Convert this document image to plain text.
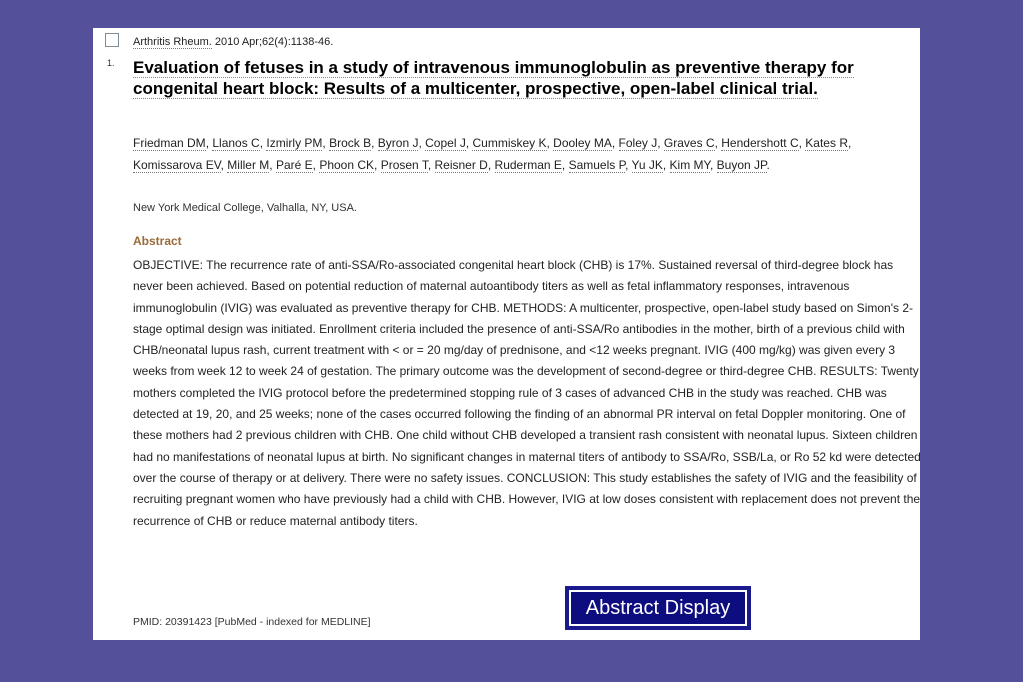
1.
Arthritis Rheum. 2010 Apr;62(4):1138-46.
Evaluation of fetuses in a study of intravenous immunoglobulin as preventive therapy for congenital heart block: Results of a multicenter, prospective, open-label clinical trial.
Friedman DM, Llanos C, Izmirly PM, Brock B, Byron J, Copel J, Cummiskey K, Dooley MA, Foley J, Graves C, Hendershott C, Kates R, Komissarova EV, Miller M, Paré E, Phoon CK, Prosen T, Reisner D, Ruderman E, Samuels P, Yu JK, Kim MY, Buyon JP.
New York Medical College, Valhalla, NY, USA.
Abstract
OBJECTIVE: The recurrence rate of anti-SSA/Ro-associated congenital heart block (CHB) is 17%. Sustained reversal of third-degree block has never been achieved. Based on potential reduction of maternal autoantibody titers as well as fetal inflammatory responses, intravenous immunoglobulin (IVIG) was evaluated as preventive therapy for CHB. METHODS: A multicenter, prospective, open-label study based on Simon's 2-stage optimal design was initiated. Enrollment criteria included the presence of anti-SSA/Ro antibodies in the mother, birth of a previous child with CHB/neonatal lupus rash, current treatment with < or = 20 mg/day of prednisone, and <12 weeks pregnant. IVIG (400 mg/kg) was given every 3 weeks from week 12 to week 24 of gestation. The primary outcome was the development of second-degree or third-degree CHB. RESULTS: Twenty mothers completed the IVIG protocol before the predetermined stopping rule of 3 cases of advanced CHB in the study was reached. CHB was detected at 19, 20, and 25 weeks; none of the cases occurred following the finding of an abnormal PR interval on fetal Doppler monitoring. One of these mothers had 2 previous children with CHB. One child without CHB developed a transient rash consistent with neonatal lupus. Sixteen children had no manifestations of neonatal lupus at birth. No significant changes in maternal titers of antibody to SSA/Ro, SSB/La, or Ro 52 kd were detected over the course of therapy or at delivery. There were no safety issues. CONCLUSION: This study establishes the safety of IVIG and the feasibility of recruiting pregnant women who have previously had a child with CHB. However, IVIG at low doses consistent with replacement does not prevent the recurrence of CHB or reduce maternal antibody titers.
PMID: 20391423 [PubMed - indexed for MEDLINE]
Abstract Display
